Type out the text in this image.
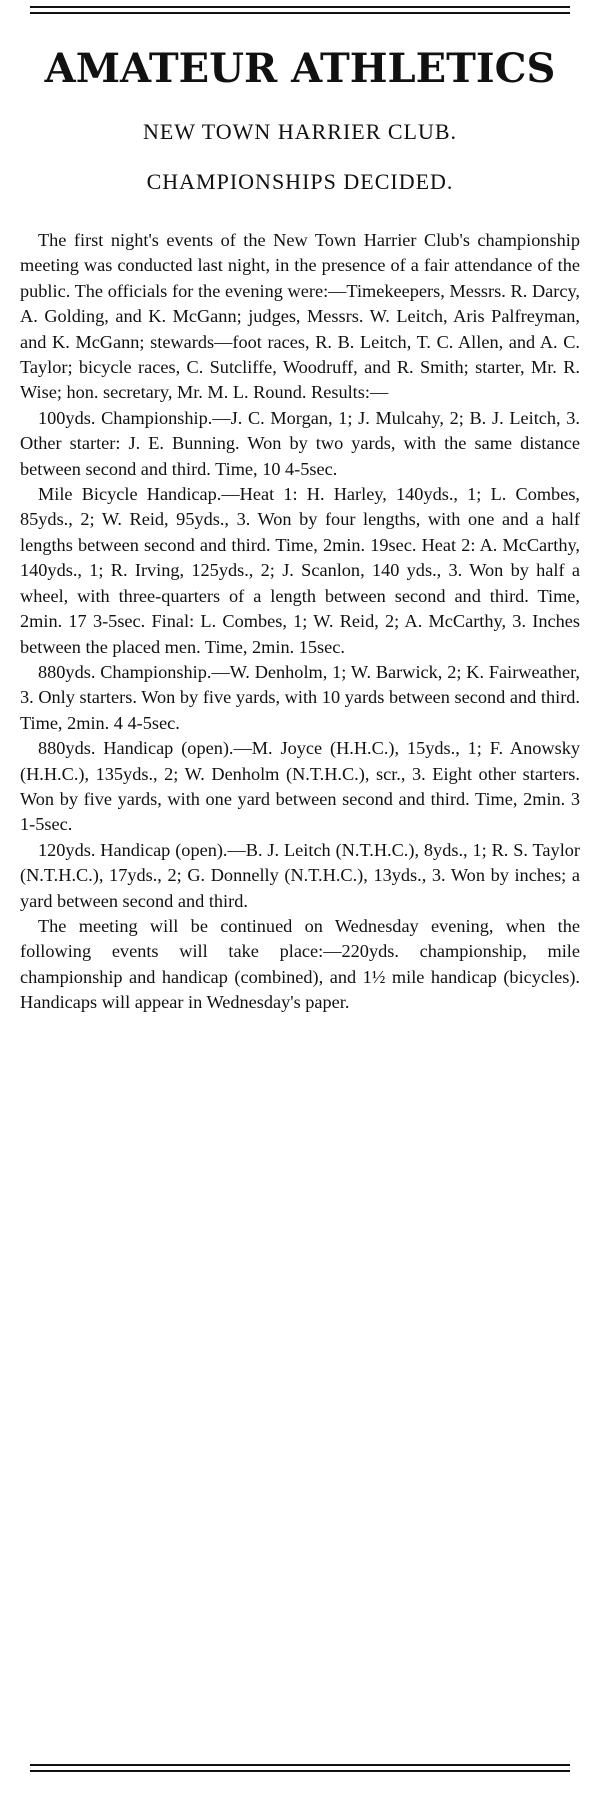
AMATEUR ATHLETICS
NEW TOWN HARRIER CLUB.
CHAMPIONSHIPS DECIDED.

The first night's events of the New Town Harrier Club's championship meeting was conducted last night, in the presence of a fair attendance of the public. The officials for the evening were:—Timekeepers, Messrs. R. Darcy, A. Golding, and K. McGann; judges, Messrs. W. Leitch, Aris Palfreyman, and K. McGann; stewards—foot races, R. B. Leitch, T. C. Allen, and A. C. Taylor; bicycle races, C. Sutcliffe, Woodruff, and R. Smith; starter, Mr. R. Wise; hon. secretary, Mr. M. L. Round. Results:—

100yds. Championship.—J. C. Morgan, 1; J. Mulcahy, 2; B. J. Leitch, 3. Other starter: J. E. Bunning. Won by two yards, with the same distance between second and third. Time, 10 4-5sec.

Mile Bicycle Handicap.—Heat 1: H. Harley, 140yds., 1; L. Combes, 85yds., 2; W. Reid, 95yds., 3. Won by four lengths, with one and a half lengths between second and third. Time, 2min. 19sec. Heat 2: A. McCarthy, 140yds., 1; R. Irving, 125yds., 2; J. Scanlon, 140 yds., 3. Won by half a wheel, with three-quarters of a length between second and third. Time, 2min. 17 3-5sec. Final: L. Combes, 1; W. Reid, 2; A. McCarthy, 3. Inches between the placed men. Time, 2min. 15sec.

880yds. Championship.—W. Denholm, 1; W. Barwick, 2; K. Fairweather, 3. Only starters. Won by five yards, with 10 yards between second and third. Time, 2min. 4 4-5sec.

880yds. Handicap (open).—M. Joyce (H.H.C.), 15yds., 1; F. Anowsky (H.H.C.), 135yds., 2; W. Denholm (N.T.H.C.), scr., 3. Eight other starters. Won by five yards, with one yard between second and third. Time, 2min. 3 1-5sec.

120yds. Handicap (open).—B. J. Leitch (N.T.H.C.), 8yds., 1; R. S. Taylor (N.T.H.C.), 17yds., 2; G. Donnelly (N.T.H.C.), 13yds., 3. Won by inches; a yard between second and third.

The meeting will be continued on Wednesday evening, when the following events will take place:—220yds. championship, mile championship and handicap (combined), and 1½ mile handicap (bicycles). Handicaps will appear in Wednesday's paper.
